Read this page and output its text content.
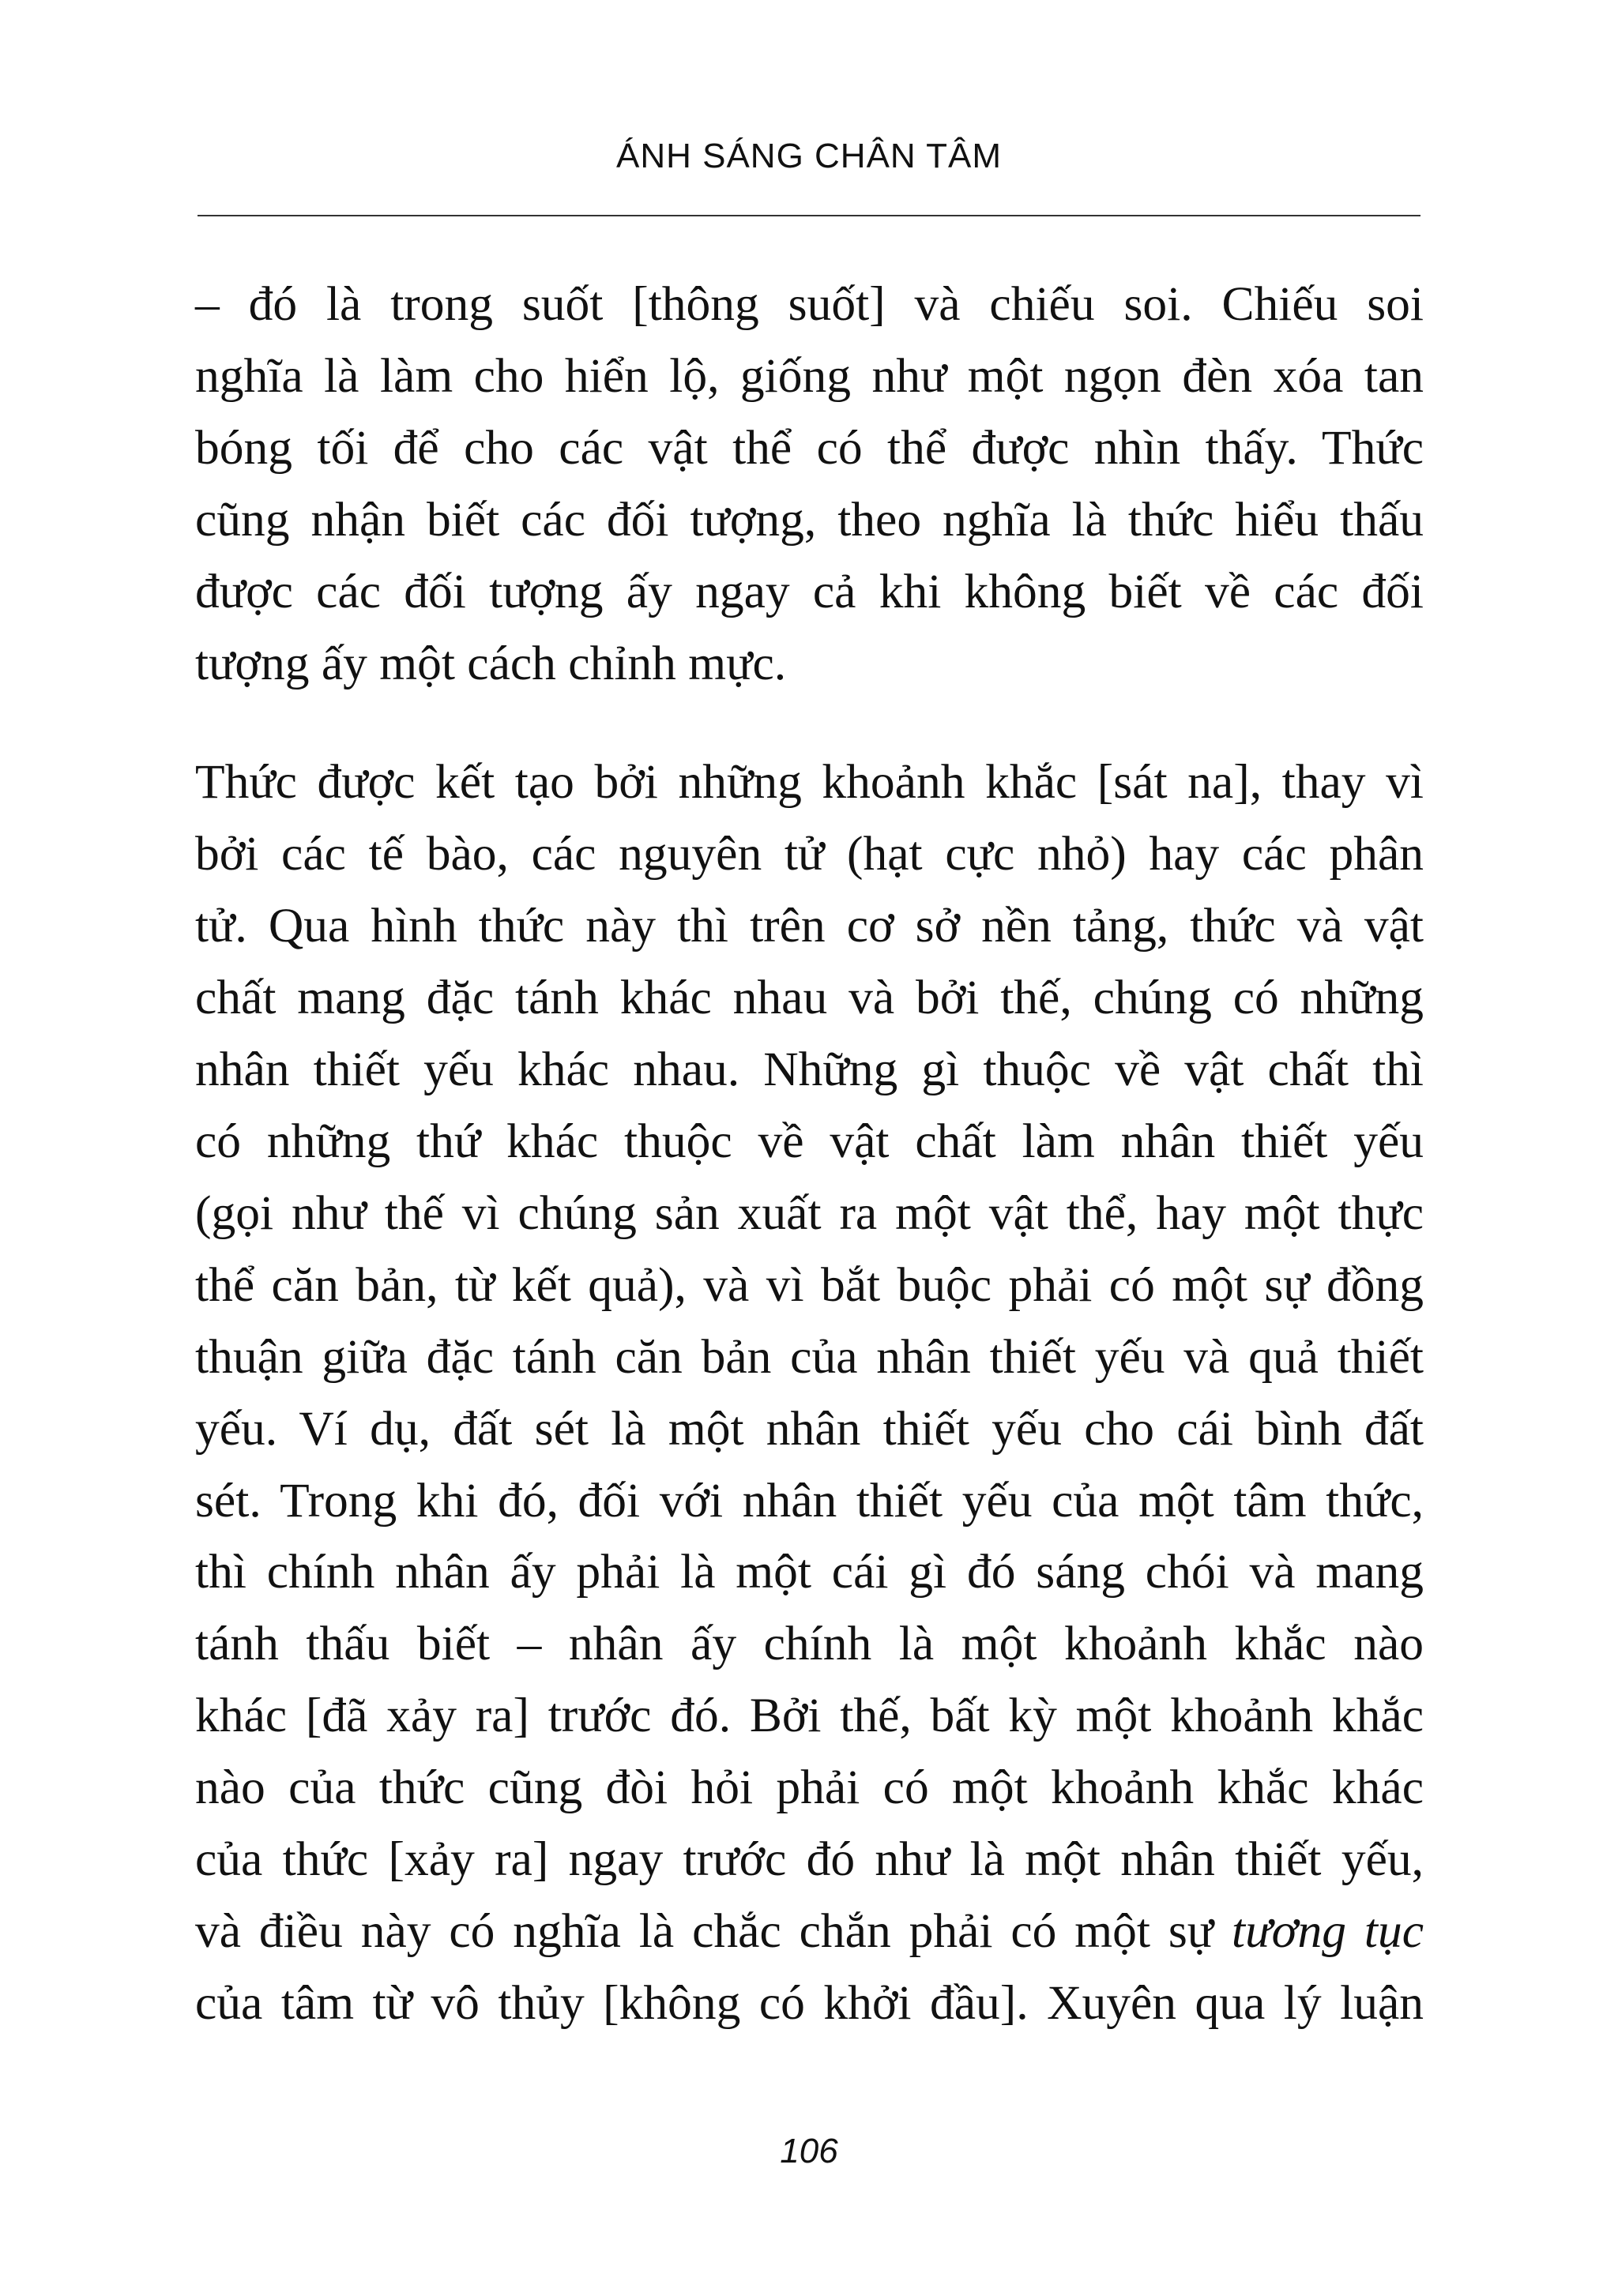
ÁNH SÁNG CHÂN TÂM

– đó là trong suốt [thông suốt] và chiếu soi. Chiếu soi
nghĩa là làm cho hiển lộ, giống như một ngọn đèn xóa tan
bóng tối để cho các vật thể có thể được nhìn thấy. Thức
cũng nhận biết các đối tượng, theo nghĩa là thức hiểu thấu
được các đối tượng ấy ngay cả khi không biết về các đối
tượng ấy một cách chỉnh mực.

Thức được kết tạo bởi những khoảnh khắc [sát na], thay vì
bởi các tế bào, các nguyên tử (hạt cực nhỏ) hay các phân
tử. Qua hình thức này thì trên cơ sở nền tảng, thức và vật
chất mang đặc tánh khác nhau và bởi thế, chúng có những
nhân thiết yếu khác nhau. Những gì thuộc về vật chất thì
có những thứ khác thuộc về vật chất làm nhân thiết yếu
(gọi như thế vì chúng sản xuất ra một vật thể, hay một thực
thể căn bản, từ kết quả), và vì bắt buộc phải có một sự đồng
thuận giữa đặc tánh căn bản của nhân thiết yếu và quả thiết
yếu. Ví dụ, đất sét là một nhân thiết yếu cho cái bình đất
sét. Trong khi đó, đối với nhân thiết yếu của một tâm thức,
thì chính nhân ấy phải là một cái gì đó sáng chói và mang
tánh thấu biết – nhân ấy chính là một khoảnh khắc nào
khác [đã xảy ra] trước đó. Bởi thế, bất kỳ một khoảnh khắc
nào của thức cũng đòi hỏi phải có một khoảnh khắc khác
của thức [xảy ra] ngay trước đó như là một nhân thiết yếu,
và điều này có nghĩa là chắc chắn phải có một sự tương tục
của tâm từ vô thủy [không có khởi đầu]. Xuyên qua lý luận

106
